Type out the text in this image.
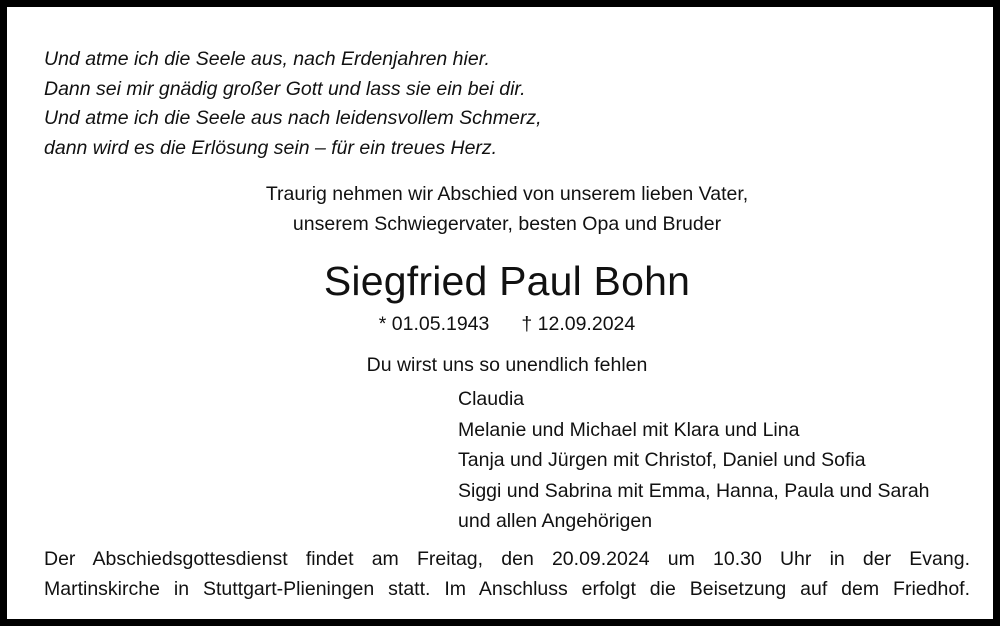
Und atme ich die Seele aus, nach Erdenjahren hier.
Dann sei mir gnädig großer Gott und lass sie ein bei dir.
Und atme ich die Seele aus nach leidensvollem Schmerz,
dann wird es die Erlösung sein – für ein treues Herz.
Traurig nehmen wir Abschied von unserem lieben Vater,
unserem Schwiegervater, besten Opa und Bruder
Siegfried Paul Bohn
* 01.05.1943 † 12.09.2024
Du wirst uns so unendlich fehlen
Claudia
Melanie und Michael mit Klara und Lina
Tanja und Jürgen mit Christof, Daniel und Sofia
Siggi und Sabrina mit Emma, Hanna, Paula und Sarah
und allen Angehörigen
Der Abschiedsgottesdienst findet am Freitag, den 20.09.2024 um 10.30 Uhr in der Evang.
Martinskirche in Stuttgart-Plieningen statt. Im Anschluss erfolgt die Beisetzung auf dem Friedhof.
